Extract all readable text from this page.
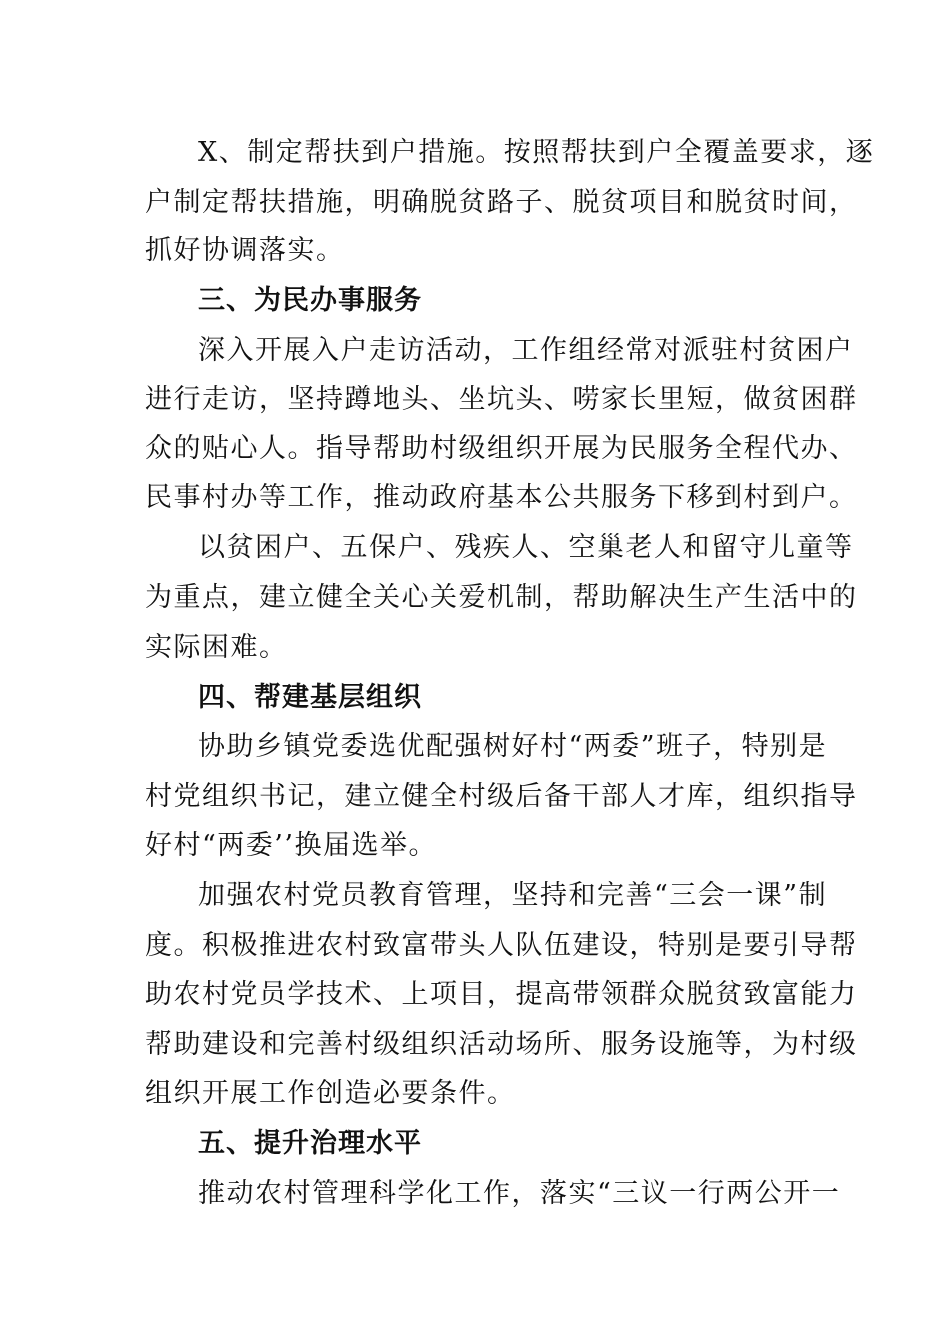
X、制定帮扶到户措施。按照帮扶到户全覆盖要求，逐
户制定帮扶措施，明确脱贫路子、脱贫项目和脱贫时间，
抓好协调落实。
三、为民办事服务
深入开展入户走访活动，工作组经常对派驻村贫困户
进行走访，坚持蹲地头、坐坑头、唠家长里短，做贫困群
众的贴心人。指导帮助村级组织开展为民服务全程代办、
民事村办等工作，推动政府基本公共服务下移到村到户。
以贫困户、五保户、残疾人、空巢老人和留守儿童等
为重点，建立健全关心关爱机制，帮助解决生产生活中的
实际困难。
四、帮建基层组织
协助乡镇党委选优配强树好村“两委”班子，特别是
村党组织书记，建立健全村级后备干部人才库，组织指导
好村“两委’’换届选举。
加强农村党员教育管理，坚持和完善“三会一课”制
度。积极推进农村致富带头人队伍建设，特别是要引导帮
助农村党员学技术、上项目，提高带领群众脱贫致富能力
帮助建设和完善村级组织活动场所、服务设施等，为村级
组织开展工作创造必要条件。
五、提升治理水平
推动农村管理科学化工作，落实“三议一行两公开一
